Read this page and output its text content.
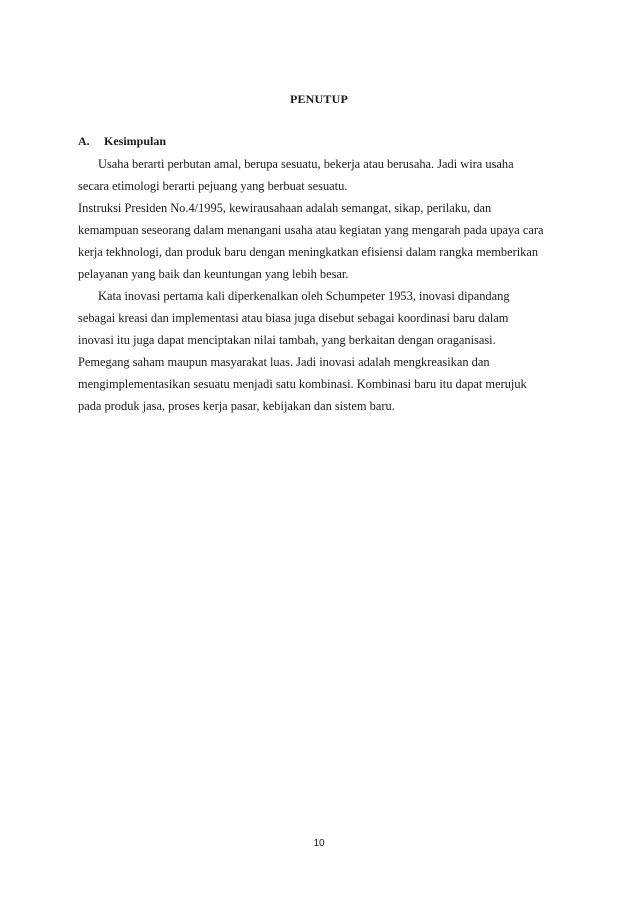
PENUTUP
A. Kesimpulan
Usaha berarti perbutan amal, berupa sesuatu, bekerja atau berusaha. Jadi wira usaha
secara etimologi berarti pejuang yang berbuat sesuatu.
Instruksi Presiden No.4/1995, kewirausahaan adalah semangat, sikap, perilaku, dan
kemampuan seseorang dalam menangani usaha atau kegiatan yang mengarah pada upaya cara
kerja tekhnologi, dan produk baru dengan meningkatkan efisiensi dalam rangka memberikan
pelayanan yang baik dan keuntungan yang lebih besar.
Kata inovasi pertama kali diperkenalkan oleh Schumpeter 1953, inovasi dipandang
sebagai kreasi dan implementasi atau biasa juga disebut sebagai koordinasi baru dalam
inovasi itu juga dapat menciptakan nilai tambah, yang berkaitan dengan oraganisasi.
Pemegang saham maupun masyarakat luas. Jadi inovasi adalah mengkreasikan dan
mengimplementasikan sesuatu menjadi satu kombinasi. Kombinasi baru itu dapat merujuk
pada produk jasa, proses kerja pasar, kebijakan dan sistem baru.
10
